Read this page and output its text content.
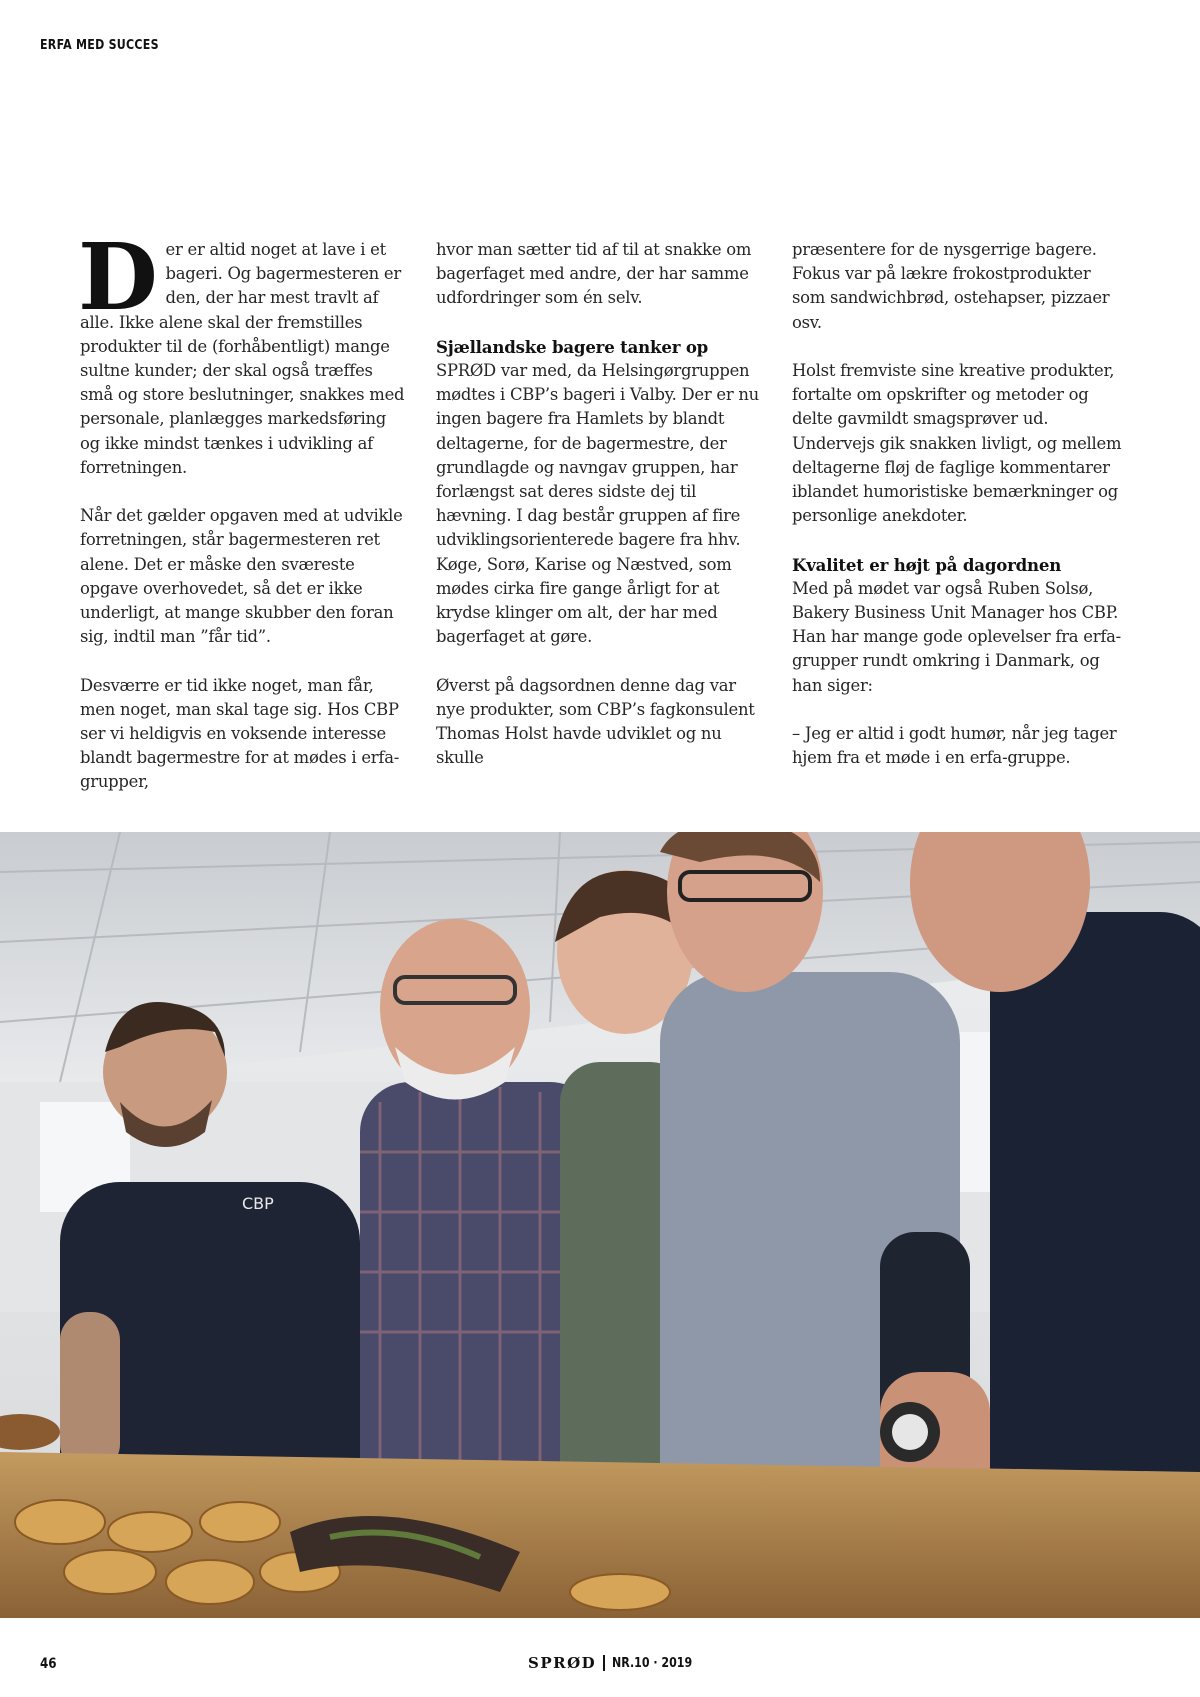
ERFA MED SUCCES

Der er altid noget at lave i et bageri. Og bagermesteren er den, der har mest travlt af alle. Ikke alene skal der fremstilles produkter til de (forhåbentligt) mange sultne kunder; der skal også træffes små og store beslutninger, snakkes med personale, planlægges markedsføring og ikke mindst tænkes i udvikling af forretningen.

Når det gælder opgaven med at udvikle forretningen, står bagermesteren ret alene. Det er måske den sværeste opgave overhovedet, så det er ikke underligt, at mange skubber den foran sig, indtil man ”får tid”.

Desværre er tid ikke noget, man får, men noget, man skal tage sig. Hos CBP ser vi heldigvis en voksende interesse blandt bagermestre for at mødes i erfa-grupper,

hvor man sætter tid af til at snakke om bagerfaget med andre, der har samme udfordringer som én selv.

Sjællandske bagere tanker op

SPRØD var med, da Helsingørgruppen mødtes i CBP’s bageri i Valby. Der er nu ingen bagere fra Hamlets by blandt deltagerne, for de bagermestre, der grundlagde og navngav gruppen, har forlængst sat deres sidste dej til hævning. I dag består gruppen af fire udviklingsorienterede bagere fra hhv. Køge, Sorø, Karise og Næstved, som mødes cirka fire gange årligt for at krydse klinger om alt, der har med bagerfaget at gøre.

Øverst på dagsordnen denne dag var nye produkter, som CBP’s fagkonsulent Thomas Holst havde udviklet og nu skulle

præsentere for de nysgerrige bagere. Fokus var på lækre frokostprodukter som sandwichbrød, ostehapser, pizzaer osv.

Holst fremviste sine kreative produkter, fortalte om opskrifter og metoder og delte gavmildt smagsprøver ud. Undervejs gik snakken livligt, og mellem deltagerne fløj de faglige kommentarer iblandet humoristiske bemærkninger og personlige anekdoter.

Kvalitet er højt på dagordnen

Med på mødet var også Ruben Solsø, Bakery Business Unit Manager hos CBP. Han har mange gode oplevelser fra erfa-grupper rundt omkring i Danmark, og han siger:

– Jeg er altid i godt humør, når jeg tager hjem fra et møde i en erfa-gruppe.

CBP
46	SPRØD NR.10 · 2019
